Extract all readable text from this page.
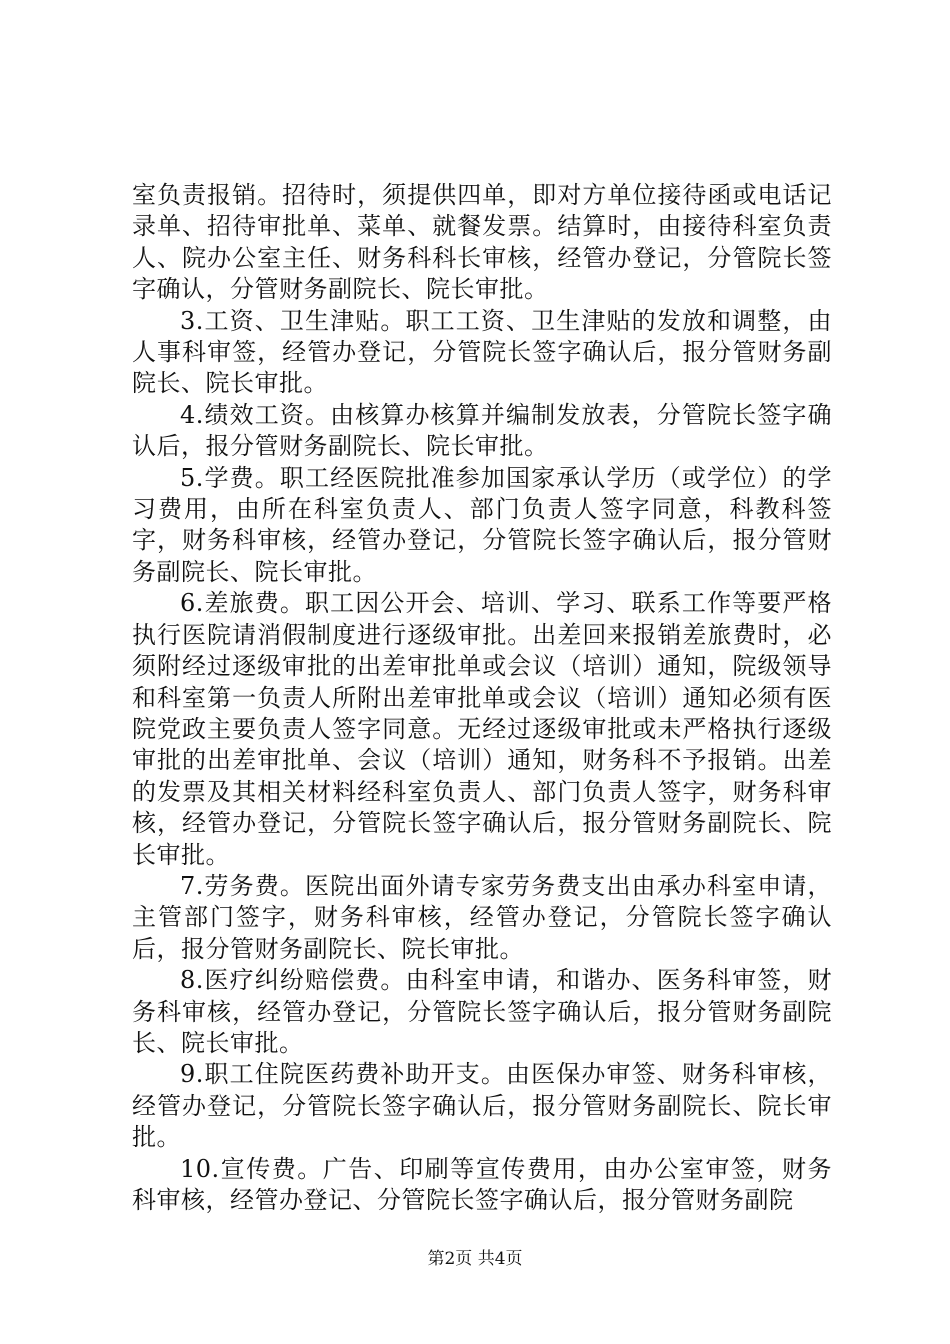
室负责报销。招待时，须提供四单，即对方单位接待函或电话记录单、招待审批单、菜单、就餐发票。结算时，由接待科室负责人、院办公室主任、财务科科长审核，经管办登记，分管院长签字确认，分管财务副院长、院长审批。

3.工资、卫生津贴。职工工资、卫生津贴的发放和调整，由人事科审签，经管办登记，分管院长签字确认后，报分管财务副院长、院长审批。

4.绩效工资。由核算办核算并编制发放表，分管院长签字确认后，报分管财务副院长、院长审批。

5.学费。职工经医院批准参加国家承认学历（或学位）的学习费用，由所在科室负责人、部门负责人签字同意，科教科签字，财务科审核，经管办登记，分管院长签字确认后，报分管财务副院长、院长审批。

6.差旅费。职工因公开会、培训、学习、联系工作等要严格执行医院请消假制度进行逐级审批。出差回来报销差旅费时，必须附经过逐级审批的出差审批单或会议（培训）通知，院级领导和科室第一负责人所附出差审批单或会议（培训）通知必须有医院党政主要负责人签字同意。无经过逐级审批或未严格执行逐级审批的出差审批单、会议（培训）通知，财务科不予报销。出差的发票及其相关材料经科室负责人、部门负责人签字，财务科审核，经管办登记，分管院长签字确认后，报分管财务副院长、院长审批。

7.劳务费。医院出面外请专家劳务费支出由承办科室申请，主管部门签字，财务科审核，经管办登记，分管院长签字确认后，报分管财务副院长、院长审批。

8.医疗纠纷赔偿费。由科室申请，和谐办、医务科审签，财务科审核，经管办登记，分管院长签字确认后，报分管财务副院长、院长审批。

9.职工住院医药费补助开支。由医保办审签、财务科审核，经管办登记，分管院长签字确认后，报分管财务副院长、院长审批。

10.宣传费。广告、印刷等宣传费用，由办公室审签，财务科审核，经管办登记、分管院长签字确认后，报分管财务副院

第2页 共4页
